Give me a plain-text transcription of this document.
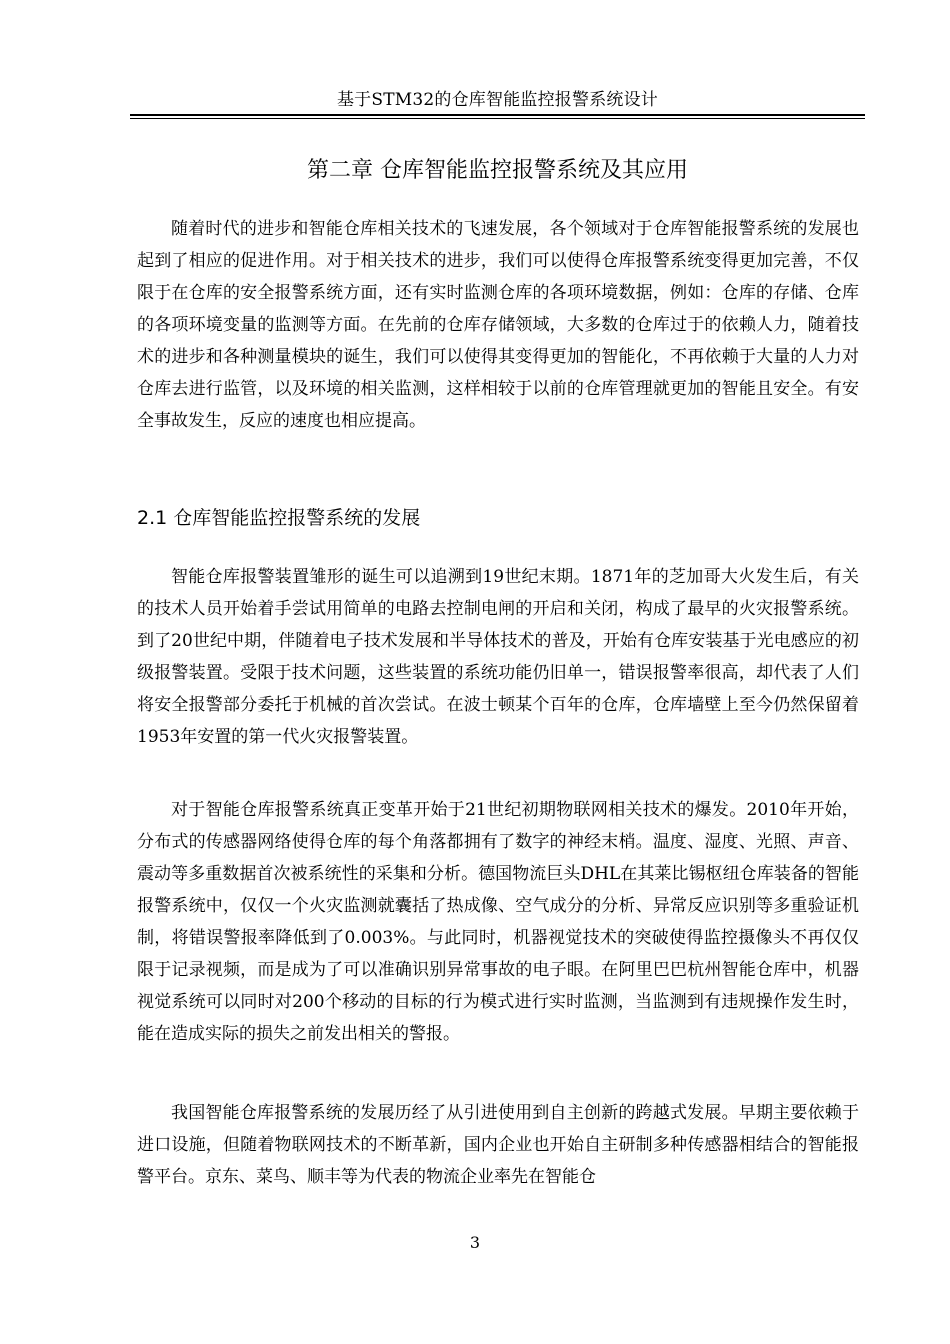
基于STM32的仓库智能监控报警系统设计
第二章 仓库智能监控报警系统及其应用

随着时代的进步和智能仓库相关技术的飞速发展，各个领域对于仓库智能报警系统的发展也起到了相应的促进作用。对于相关技术的进步，我们可以使得仓库报警系统变得更加完善，不仅限于在仓库的安全报警系统方面，还有实时监测仓库的各项环境数据，例如：仓库的存储、仓库的各项环境变量的监测等方面。在先前的仓库存储领域，大多数的仓库过于的依赖人力，随着技术的进步和各种测量模块的诞生，我们可以使得其变得更加的智能化，不再依赖于大量的人力对仓库去进行监管，以及环境的相关监测，这样相较于以前的仓库管理就更加的智能且安全。有安全事故发生，反应的速度也相应提高。

2.1 仓库智能监控报警系统的发展

智能仓库报警装置雏形的诞生可以追溯到19世纪末期。1871年的芝加哥大火发生后，有关的技术人员开始着手尝试用简单的电路去控制电闸的开启和关闭，构成了最早的火灾报警系统。到了20世纪中期，伴随着电子技术发展和半导体技术的普及，开始有仓库安装基于光电感应的初级报警装置。受限于技术问题，这些装置的系统功能仍旧单一，错误报警率很高，却代表了人们将安全报警部分委托于机械的首次尝试。在波士顿某个百年的仓库，仓库墙壁上至今仍然保留着1953年安置的第一代火灾报警装置。

对于智能仓库报警系统真正变革开始于21世纪初期物联网相关技术的爆发。2010年开始，分布式的传感器网络使得仓库的每个角落都拥有了数字的神经末梢。温度、湿度、光照、声音、震动等多重数据首次被系统性的采集和分析。德国物流巨头DHL在其莱比锡枢纽仓库装备的智能报警系统中，仅仅一个火灾监测就囊括了热成像、空气成分的分析、异常反应识别等多重验证机制，将错误警报率降低到了0.003%。与此同时，机器视觉技术的突破使得监控摄像头不再仅仅限于记录视频，而是成为了可以准确识别异常事故的电子眼。在阿里巴巴杭州智能仓库中，机器视觉系统可以同时对200个移动的目标的行为模式进行实时监测，当监测到有违规操作发生时，能在造成实际的损失之前发出相关的警报。

我国智能仓库报警系统的发展历经了从引进使用到自主创新的跨越式发展。早期主要依赖于进口设施，但随着物联网技术的不断革新，国内企业也开始自主研制多种传感器相结合的智能报警平台。京东、菜鸟、顺丰等为代表的物流企业率先在智能仓

3
